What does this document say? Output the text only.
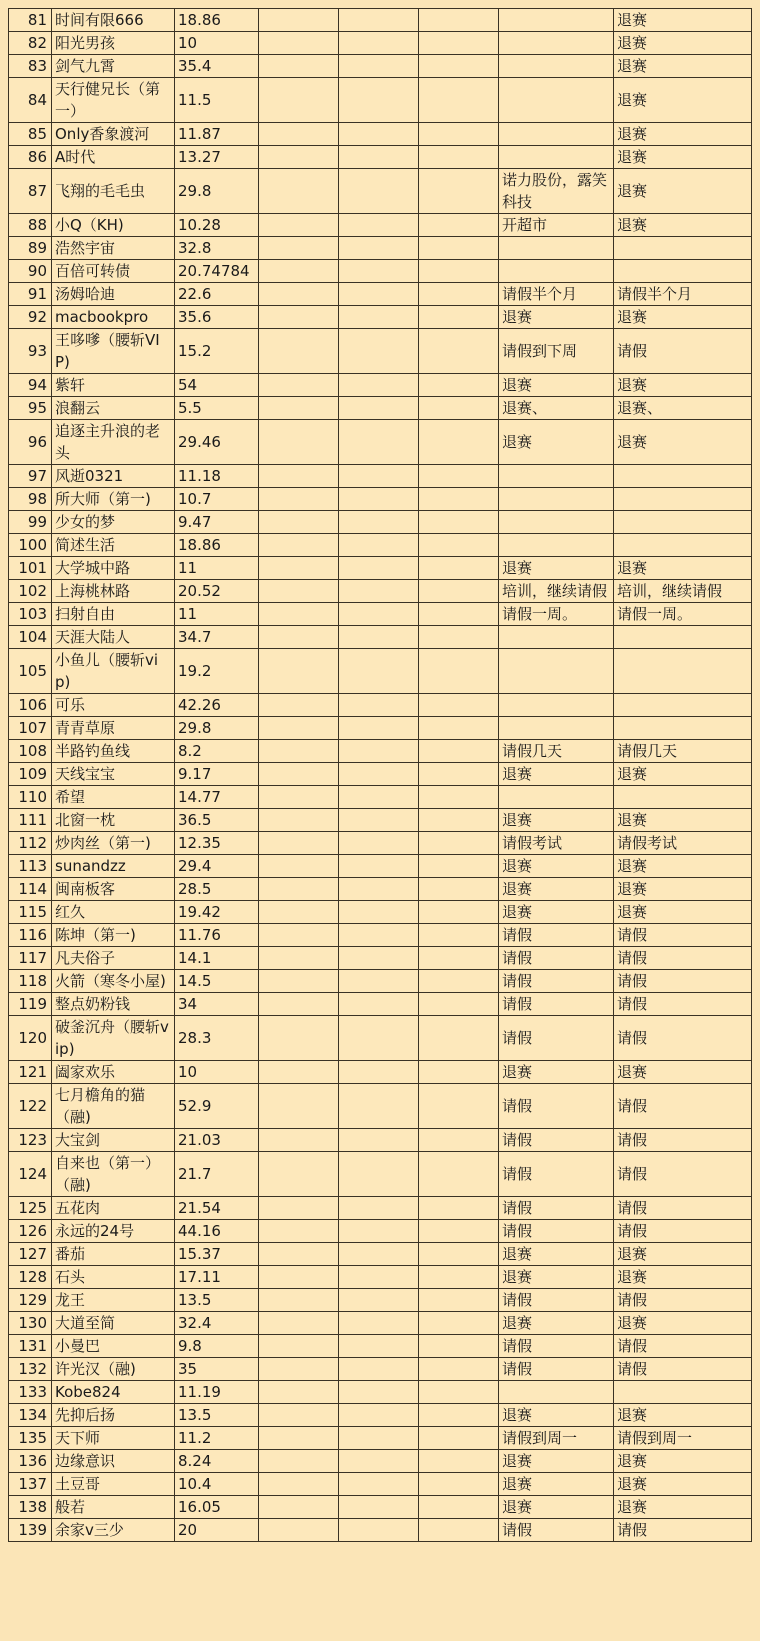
81	时间有限666	18.86					退赛
82	阳光男孩	10					退赛
83	剑气九霄	35.4					退赛
84	天行健兄长（第一）	11.5					退赛
85	Only香象渡河	11.87					退赛
86	A时代	13.27					退赛
87	飞翔的毛毛虫	29.8				诺力股份，露笑科技	退赛
88	小Q（KH)	10.28				开超市	退赛
89	浩然宇宙	32.8					
90	百倍可转债	20.74784					
91	汤姆哈迪	22.6				请假半个月	请假半个月
92	macbookpro	35.6				退赛	退赛
93	王哆嗲（腰斩VIP)	15.2				请假到下周	请假
94	紫轩	54				退赛	退赛
95	浪翻云	5.5				退赛、	退赛、
96	追逐主升浪的老头	29.46				退赛	退赛
97	风逝0321	11.18					
98	所大师（第一)	10.7					
99	少女的梦	9.47					
100	简述生活	18.86					
101	大学城中路	11				退赛	退赛
102	上海桃林路	20.52				培训，继续请假	培训，继续请假
103	扫射自由	11				请假一周。	请假一周。
104	天涯大陆人	34.7					
105	小鱼儿（腰斩vip)	19.2					
106	可乐	42.26					
107	青青草原	29.8					
108	半路钓鱼线	8.2				请假几天	请假几天
109	天线宝宝	9.17				退赛	退赛
110	希望	14.77					
111	北窗一枕	36.5				退赛	退赛
112	炒肉丝（第一)	12.35				请假考试	请假考试
113	sunandzz	29.4				退赛	退赛
114	闽南板客	28.5				退赛	退赛
115	红久	19.42				退赛	退赛
116	陈坤（第一)	11.76				请假	请假
117	凡夫俗子	14.1				请假	请假
118	火箭（寒冬小屋)	14.5				请假	请假
119	整点奶粉钱	34				请假	请假
120	破釜沉舟（腰斩vip)	28.3				请假	请假
121	阖家欢乐	10				退赛	退赛
122	七月檐角的猫（融)	52.9				请假	请假
123	大宝剑	21.03				请假	请假
124	自来也（第一）（融)	21.7				请假	请假
125	五花肉	21.54				请假	请假
126	永远的24号	44.16				请假	请假
127	番茄	15.37				退赛	退赛
128	石头	17.11				退赛	退赛
129	龙王	13.5				请假	请假
130	大道至简	32.4				退赛	退赛
131	小曼巴	9.8				请假	请假
132	许光汉（融)	35				请假	请假
133	Kobe824	11.19					
134	先抑后扬	13.5				退赛	退赛
135	天下师	11.2				请假到周一	请假到周一
136	边缘意识	8.24				退赛	退赛
137	土豆哥	10.4				退赛	退赛
138	般若	16.05				退赛	退赛
139	余家v三少	20				请假	请假
